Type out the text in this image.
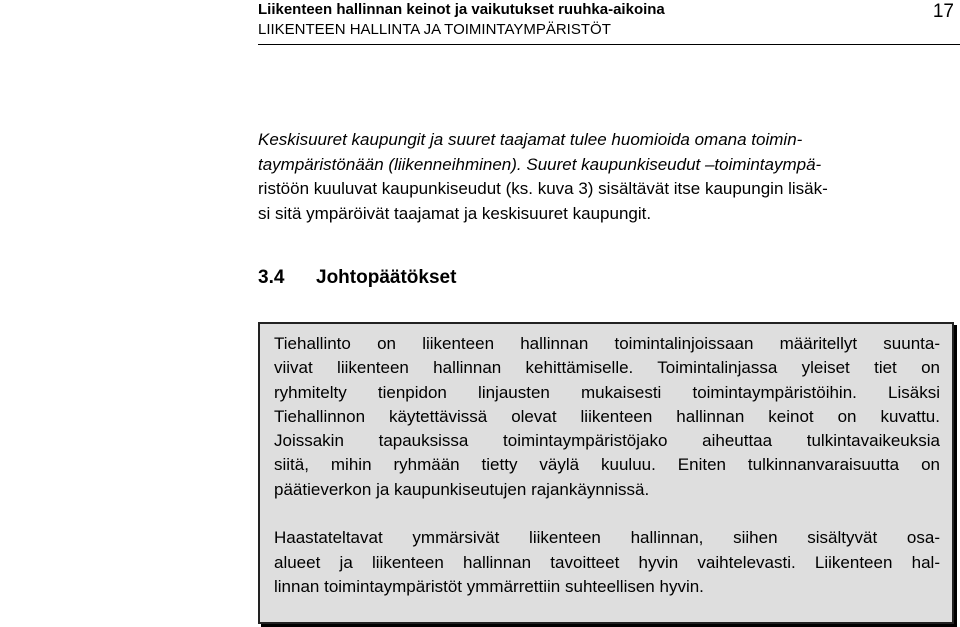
Liikenteen hallinnan keinot ja vaikutukset ruuhka-aikoina
LIIKENTEEN HALLINTA JA TOIMINTAYMPÄRISTÖT
17
Keskisuuret kaupungit ja suuret taajamat tulee huomioida omana toimin-
taympäristönään (liikenneihminen). Suuret kaupunkiseudut –toimintaympä-
ristöön kuuluvat kaupunkiseudut (ks. kuva 3) sisältävät itse kaupungin lisäk-
si sitä ympäröivät taajamat ja keskisuuret kaupungit.
3.4 Johtopäätökset
Tiehallinto on liikenteen hallinnan toimintalinjoissaan määritellyt suunta-
viivat liikenteen hallinnan kehittämiselle. Toimintalinjassa yleiset tiet on
ryhmitelty tienpidon linjausten mukaisesti toimintaympäristöihin. Lisäksi
Tiehallinnon käytettävissä olevat liikenteen hallinnan keinot on kuvattu.
Joissakin tapauksissa toimintaympäristöjako aiheuttaa tulkintavaikeuksia
siitä, mihin ryhmään tietty väylä kuuluu. Eniten tulkinnanvaraisuutta on
päätieverkon ja kaupunkiseutujen rajankäynnissä.
Haastateltavat ymmärsivät liikenteen hallinnan, siihen sisältyvät osa-
alueet ja liikenteen hallinnan tavoitteet hyvin vaihtelevasti. Liikenteen hal-
linnan toimintaympäristöt ymmärrettiin suhteellisen hyvin.
